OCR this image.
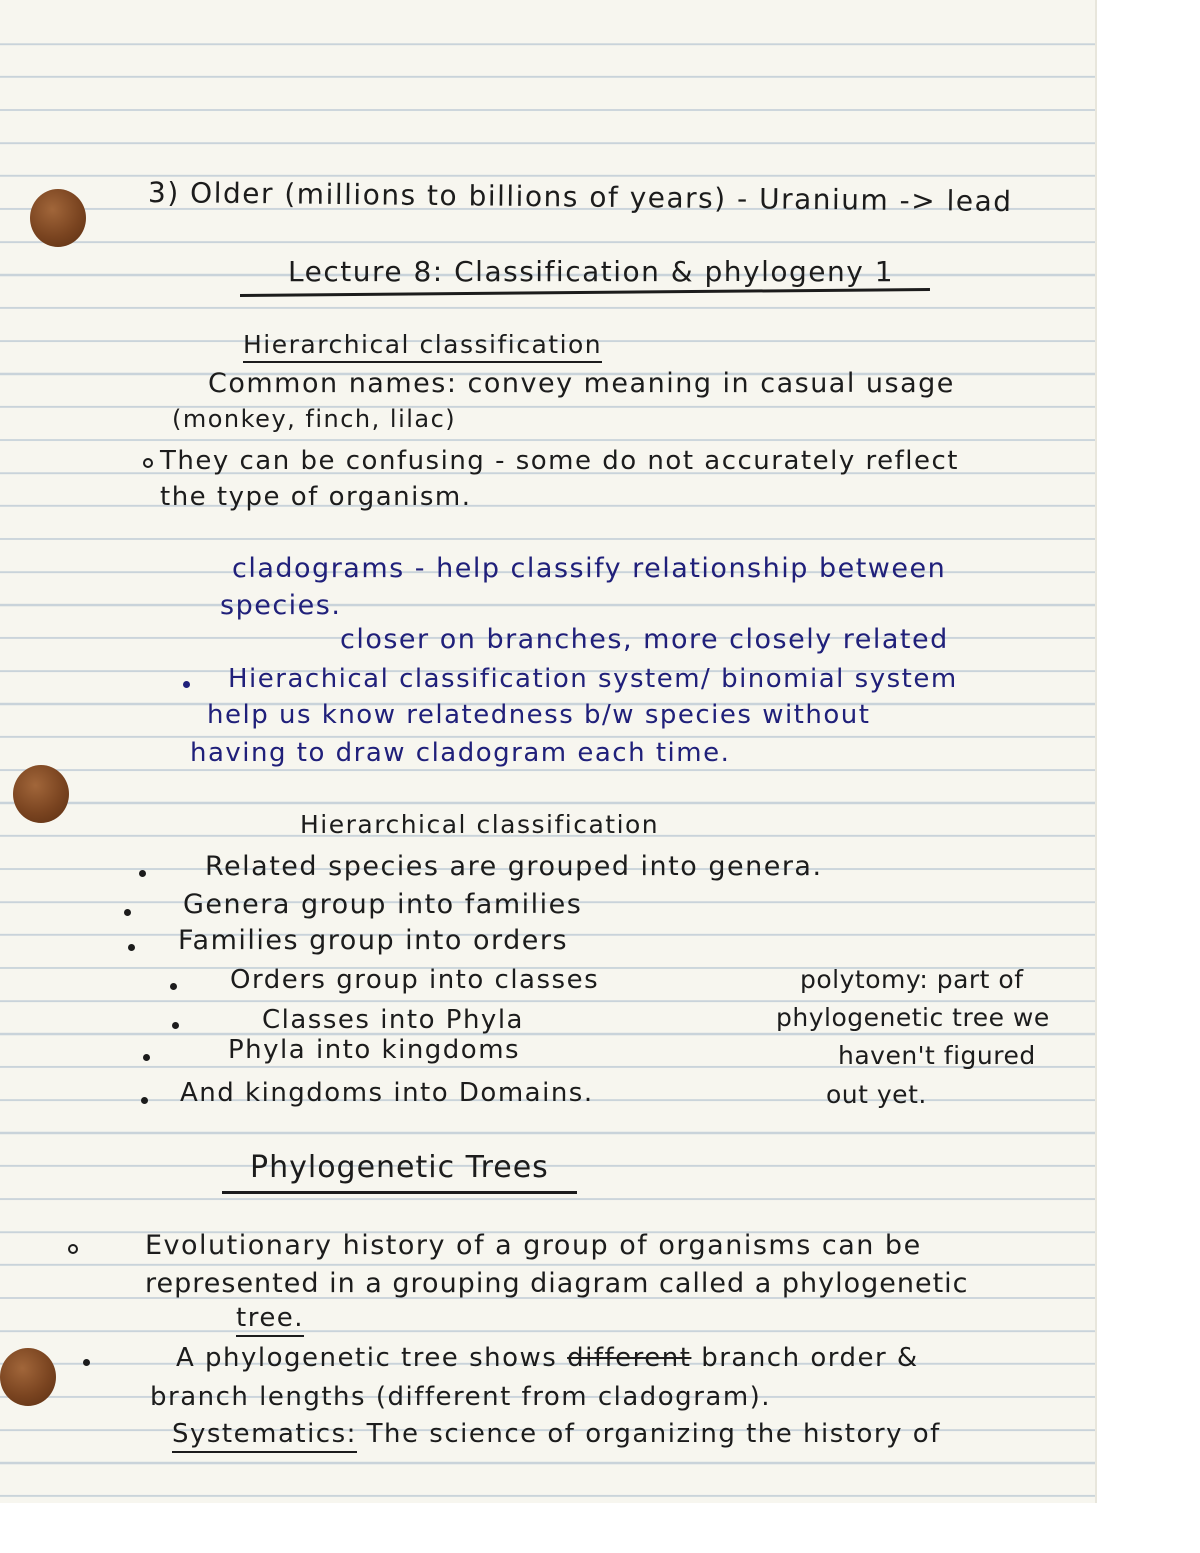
3) Older (millions to billions of years) - Uranium -> lead
Lecture 8: Classification & phylogeny 1
Hierarchical classification
Common names: convey meaning in casual usage
(monkey, finch, lilac)
They can be confusing - some do not accurately reflect
the type of organism.
cladograms - help classify relationship between
species.
closer on branches, more closely related
Hierachical classification system/ binomial system
help us know relatedness b/w species without
having to draw cladogram each time.
Hierarchical classification
Related species are grouped into genera.
Genera group into families
Families group into orders
Orders group into classes
Classes into Phyla
Phyla into kingdoms
And kingdoms into Domains.
polytomy: part of
phylogenetic tree we
haven't figured
out yet.
Phylogenetic Trees
Evolutionary history of a group of organisms can be
represented in a grouping diagram called a phylogenetic
tree.
A phylogenetic tree shows different branch order &
branch lengths (different from cladogram).
Systematics: The science of organizing the history of
